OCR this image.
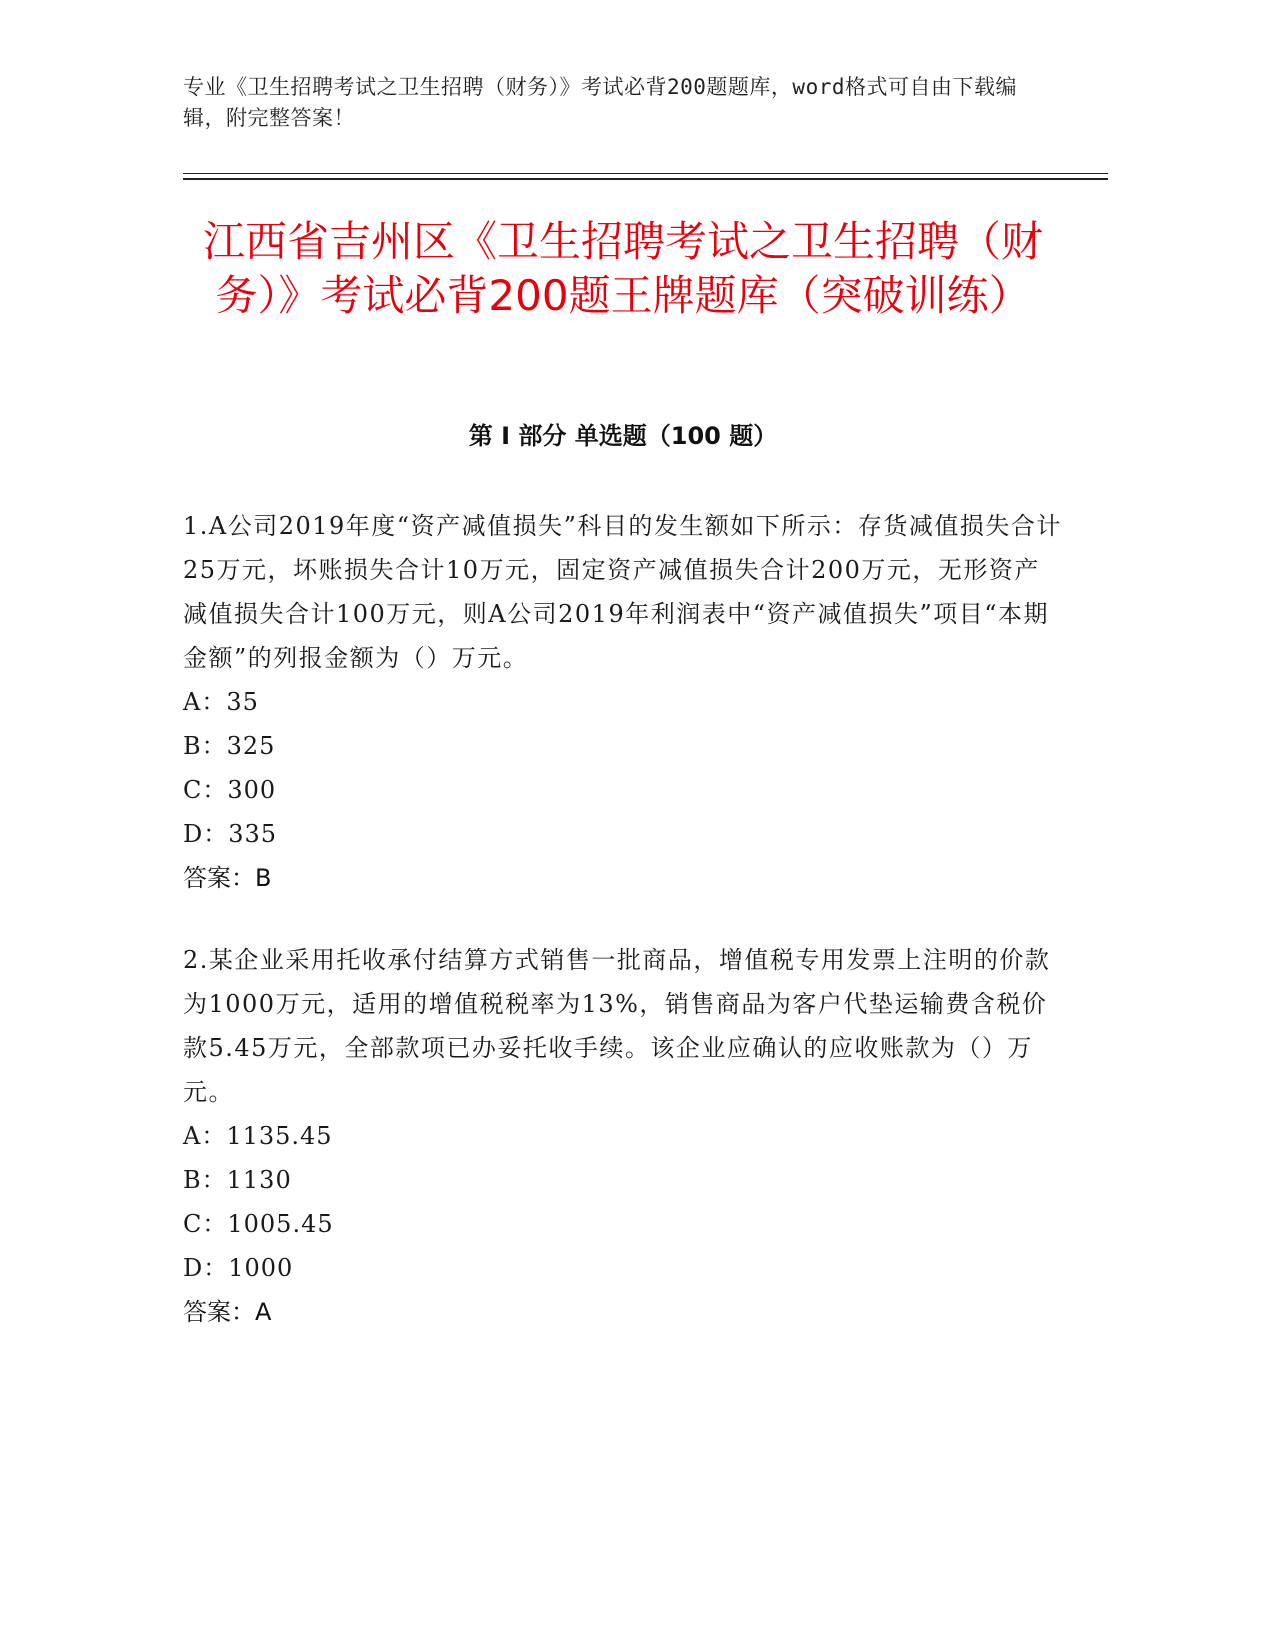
专业《卫生招聘考试之卫生招聘（财务）》考试必背200题题库，word格式可自由下载编辑，附完整答案！
江西省吉州区《卫生招聘考试之卫生招聘（财务）》考试必背200题王牌题库（突破训练）
第 I 部分 单选题（100 题）
1.A公司2019年度“资产减值损失”科目的发生额如下所示：存货减值损失合计25万元，坏账损失合计10万元，固定资产减值损失合计200万元，无形资产减值损失合计100万元，则A公司2019年利润表中“资产减值损失”项目“本期金额”的列报金额为（）万元。
A：35
B：325
C：300
D：335
答案：B
2.某企业采用托收承付结算方式销售一批商品，增值税专用发票上注明的价款为1000万元，适用的增值税税率为13%，销售商品为客户代垫运输费含税价款5.45万元，全部款项已办妥托收手续。该企业应确认的应收账款为（）万元。
A：1135.45
B：1130
C：1005.45
D：1000
答案：A
